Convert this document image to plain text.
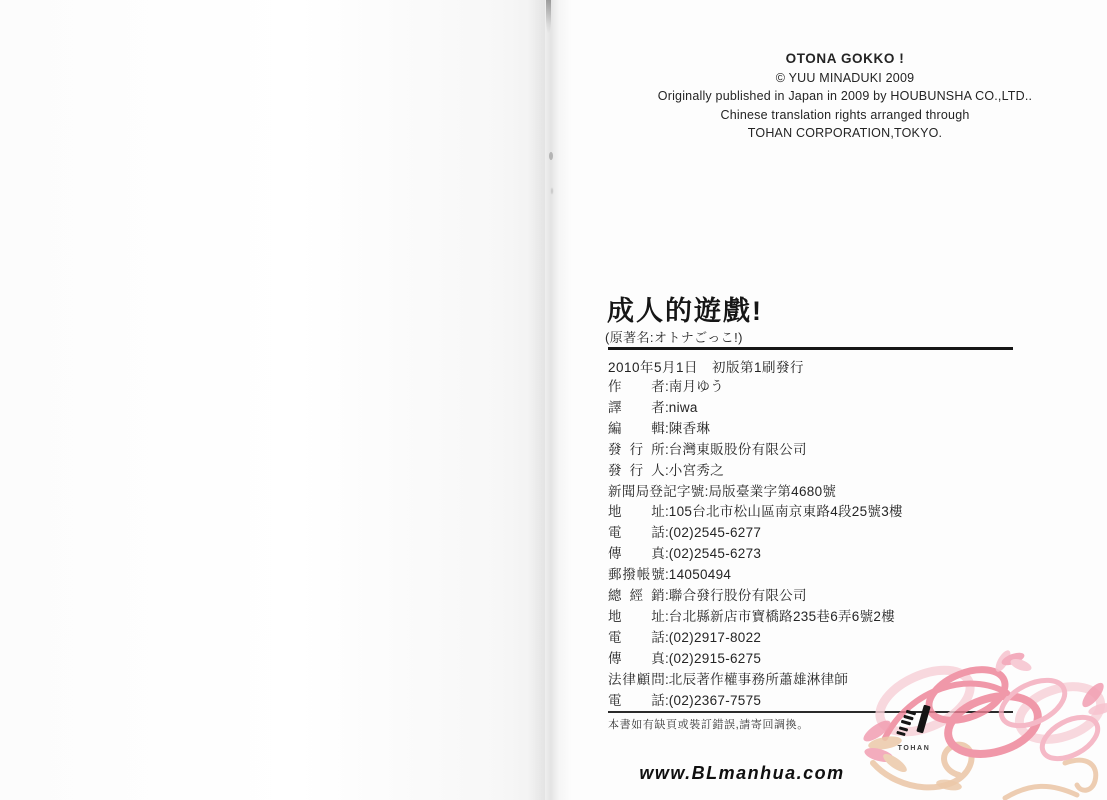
OTONA GOKKO !
© YUU MINADUKI 2009
Originally published in Japan in 2009 by HOUBUNSHA CO.,LTD..
Chinese translation rights arranged through
TOHAN CORPORATION,TOKYO.
成人的遊戲!
(原著名:オトナごっこ!)
2010年5月1日　初版第1刷發行
作 者:南月ゆう
譯 者:niwa
編 輯:陳香琳
發 行 所:台灣東販股份有限公司
發 行 人:小宮秀之
新聞局登記字號:局版臺業字第4680號
地 址:105台北市松山區南京東路4段25號3樓
電 話:(02)2545-6277
傳 真:(02)2545-6273
郵撥帳號:14050494
總 經 銷:聯合發行股份有限公司
地 址:台北縣新店市寶橋路235巷6弄6號2樓
電 話:(02)2917-8022
傳 真:(02)2915-6275
法律顧問:北辰著作權事務所蕭雄淋律師
電 話:(02)2367-7575
本書如有缺頁或裝訂錯誤,請寄回調換。
TOHAN
www.BLmanhua.com
